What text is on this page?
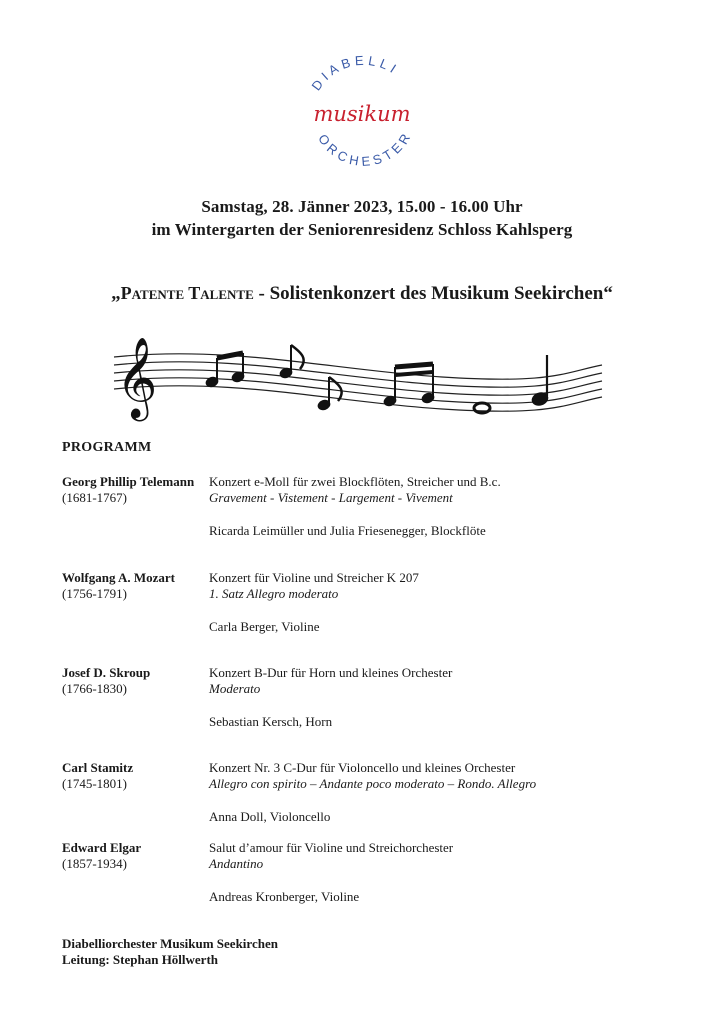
DIABELLI
musikum
ORCHESTER
Samstag, 28. Jänner 2023, 15.00 - 16.00 Uhr
im Wintergarten der Seniorenresidenz Schloss Kahlsperg
„Patente Talente - Solistenkonzert des Musikum Seekirchen“
𝄞
PROGRAMM
Georg Phillip Telemann
(1681-1767)
Konzert e-Moll für zwei Blockflöten, Streicher und B.c.
Gravement - Vistement - Largement - Vivement
Ricarda Leimüller und Julia Friesenegger, Blockflöte
Wolfgang A. Mozart
(1756-1791)
Konzert für Violine und Streicher K 207
1. Satz Allegro moderato
Carla Berger, Violine
Josef D. Skroup
(1766-1830)
Konzert B-Dur für Horn und kleines Orchester
Moderato
Sebastian Kersch, Horn
Carl Stamitz
(1745-1801)
Konzert Nr. 3 C-Dur für Violoncello und kleines Orchester
Allegro con spirito – Andante poco moderato – Rondo. Allegro
Anna Doll, Violoncello
Edward Elgar
(1857-1934)
Salut d’amour für Violine und Streichorchester
Andantino
Andreas Kronberger, Violine
Diabelliorchester Musikum Seekirchen
Leitung: Stephan Höllwerth
